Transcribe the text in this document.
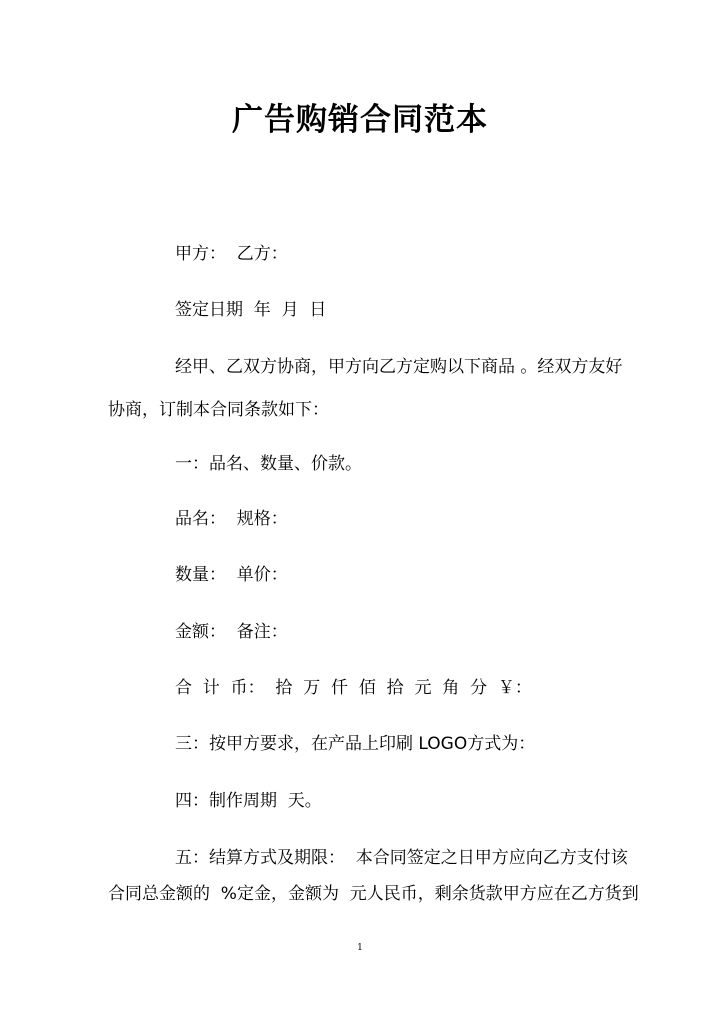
广告购销合同范本
甲方：  乙方：
签定日期  年  月  日
经甲、乙双方协商，甲方向乙方定购以下商品 。经双方友好
协商，订制本合同条款如下：
一：品名、数量、价款。
品名：  规格：
数量：  单价：
金额：  备注：
合  计  币：  拾  万  仟  佰  拾  元  角  分  ￥：
三：按甲方要求，在产品上印刷 LOGO方式为：
四：制作周期  天。
五：结算方式及期限：  本合同签定之日甲方应向乙方支付该
合同总金额的  %定金，金额为  元人民币，剩余货款甲方应在乙方货到
1
